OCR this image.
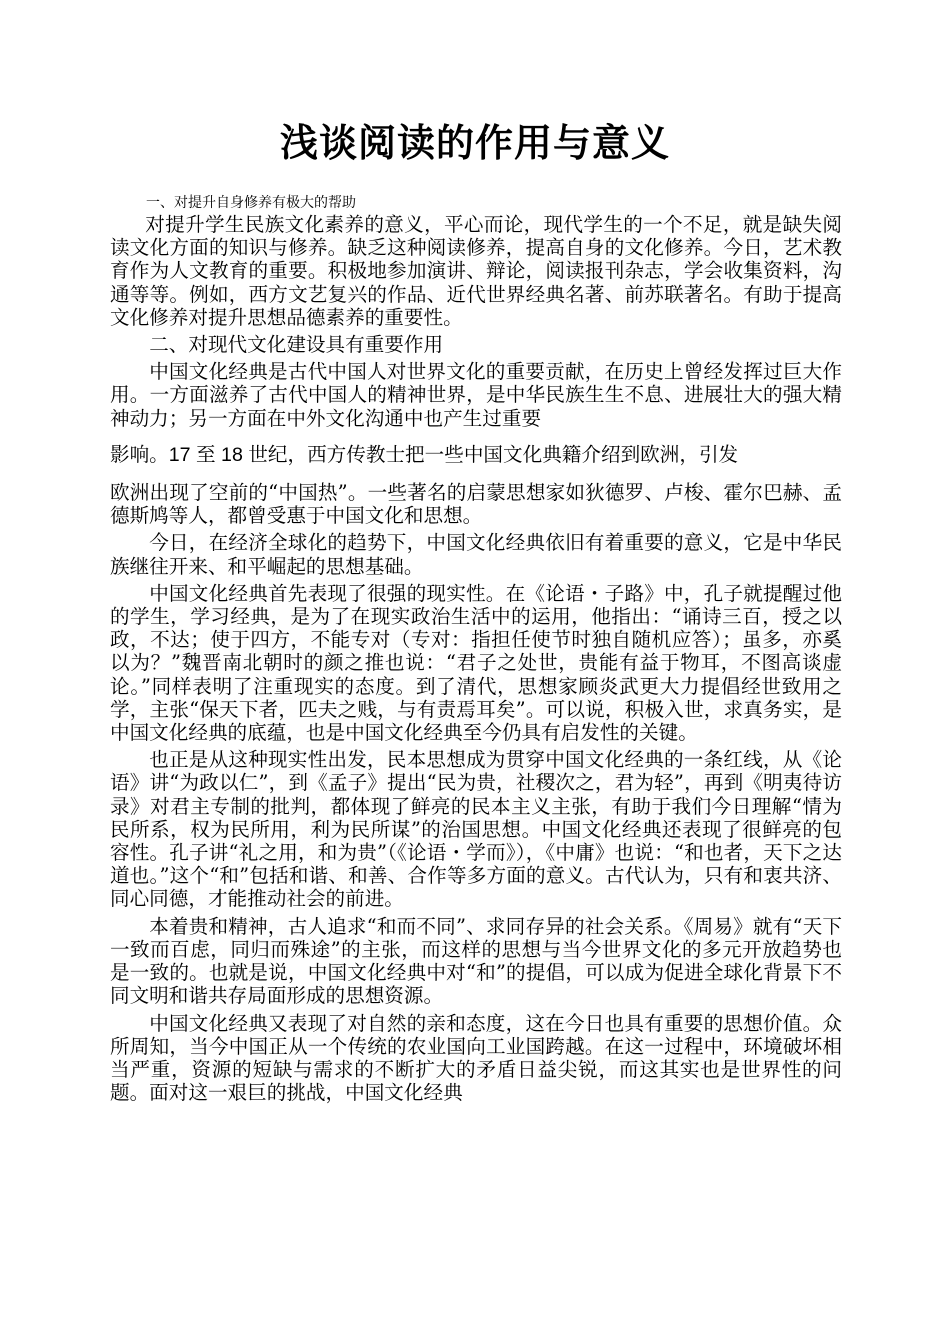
浅谈阅读的作用与意义
一、对提升自身修养有极大的帮助

对提升学生民族文化素养的意义，平心而论，现代学生的一个不足，就是缺失阅读文化方面的知识与修养。缺乏这种阅读修养，提高自身的文化修养。今日，艺术教育作为人文教育的重要。积极地参加演讲、辩论，阅读报刊杂志，学会收集资料，沟通等等。例如，西方文艺复兴的作品、近代世界经典名著、前苏联著名。有助于提高文化修养对提升思想品德素养的重要性。

二、对现代文化建设具有重要作用

中国文化经典是古代中国人对世界文化的重要贡献，在历史上曾经发挥过巨大作用。一方面滋养了古代中国人的精神世界，是中华民族生生不息、进展壮大的强大精神动力；另一方面在中外文化沟通中也产生过重要

影响。17 至 18 世纪，西方传教士把一些中国文化典籍介绍到欧洲，引发

欧洲出现了空前的“中国热”。一些著名的启蒙思想家如狄德罗、卢梭、霍尔巴赫、孟德斯鸠等人，都曾受惠于中国文化和思想。

今日，在经济全球化的趋势下，中国文化经典依旧有着重要的意义，它是中华民族继往开来、和平崛起的思想基础。

中国文化经典首先表现了很强的现实性。在《论语・子路》中，孔子就提醒过他的学生，学习经典，是为了在现实政治生活中的运用，他指出：“诵诗三百，授之以政，不达；使于四方，不能专对（专对：指担任使节时独自随机应答）；虽多，亦奚以为？”魏晋南北朝时的颜之推也说：“君子之处世，贵能有益于物耳，不图高谈虚论。”同样表明了注重现实的态度。到了清代，思想家顾炎武更大力提倡经世致用之学，主张“保天下者，匹夫之贱，与有责焉耳矣”。可以说，积极入世，求真务实，是中国文化经典的底蕴，也是中国文化经典至今仍具有启发性的关键。

也正是从这种现实性出发，民本思想成为贯穿中国文化经典的一条红线，从《论语》讲“为政以仁”，到《孟子》提出“民为贵，社稷次之，君为轻”，再到《明夷待访录》对君主专制的批判，都体现了鲜亮的民本主义主张，有助于我们今日理解“情为民所系，权为民所用，利为民所谋”的治国思想。中国文化经典还表现了很鲜亮的包容性。孔子讲“礼之用，和为贵”（《论语・学而》），《中庸》也说：“和也者，天下之达道也。”这个“和”包括和谐、和善、合作等多方面的意义。古代认为，只有和衷共济、同心同德，才能推动社会的前进。

本着贵和精神，古人追求“和而不同”、求同存异的社会关系。《周易》就有“天下一致而百虑，同归而殊途”的主张，而这样的思想与当今世界文化的多元开放趋势也是一致的。也就是说，中国文化经典中对“和”的提倡，可以成为促进全球化背景下不同文明和谐共存局面形成的思想资源。

中国文化经典又表现了对自然的亲和态度，这在今日也具有重要的思想价值。众所周知，当今中国正从一个传统的农业国向工业国跨越。在这一过程中，环境破坏相当严重，资源的短缺与需求的不断扩大的矛盾日益尖锐，而这其实也是世界性的问题。面对这一艰巨的挑战，中国文化经典
